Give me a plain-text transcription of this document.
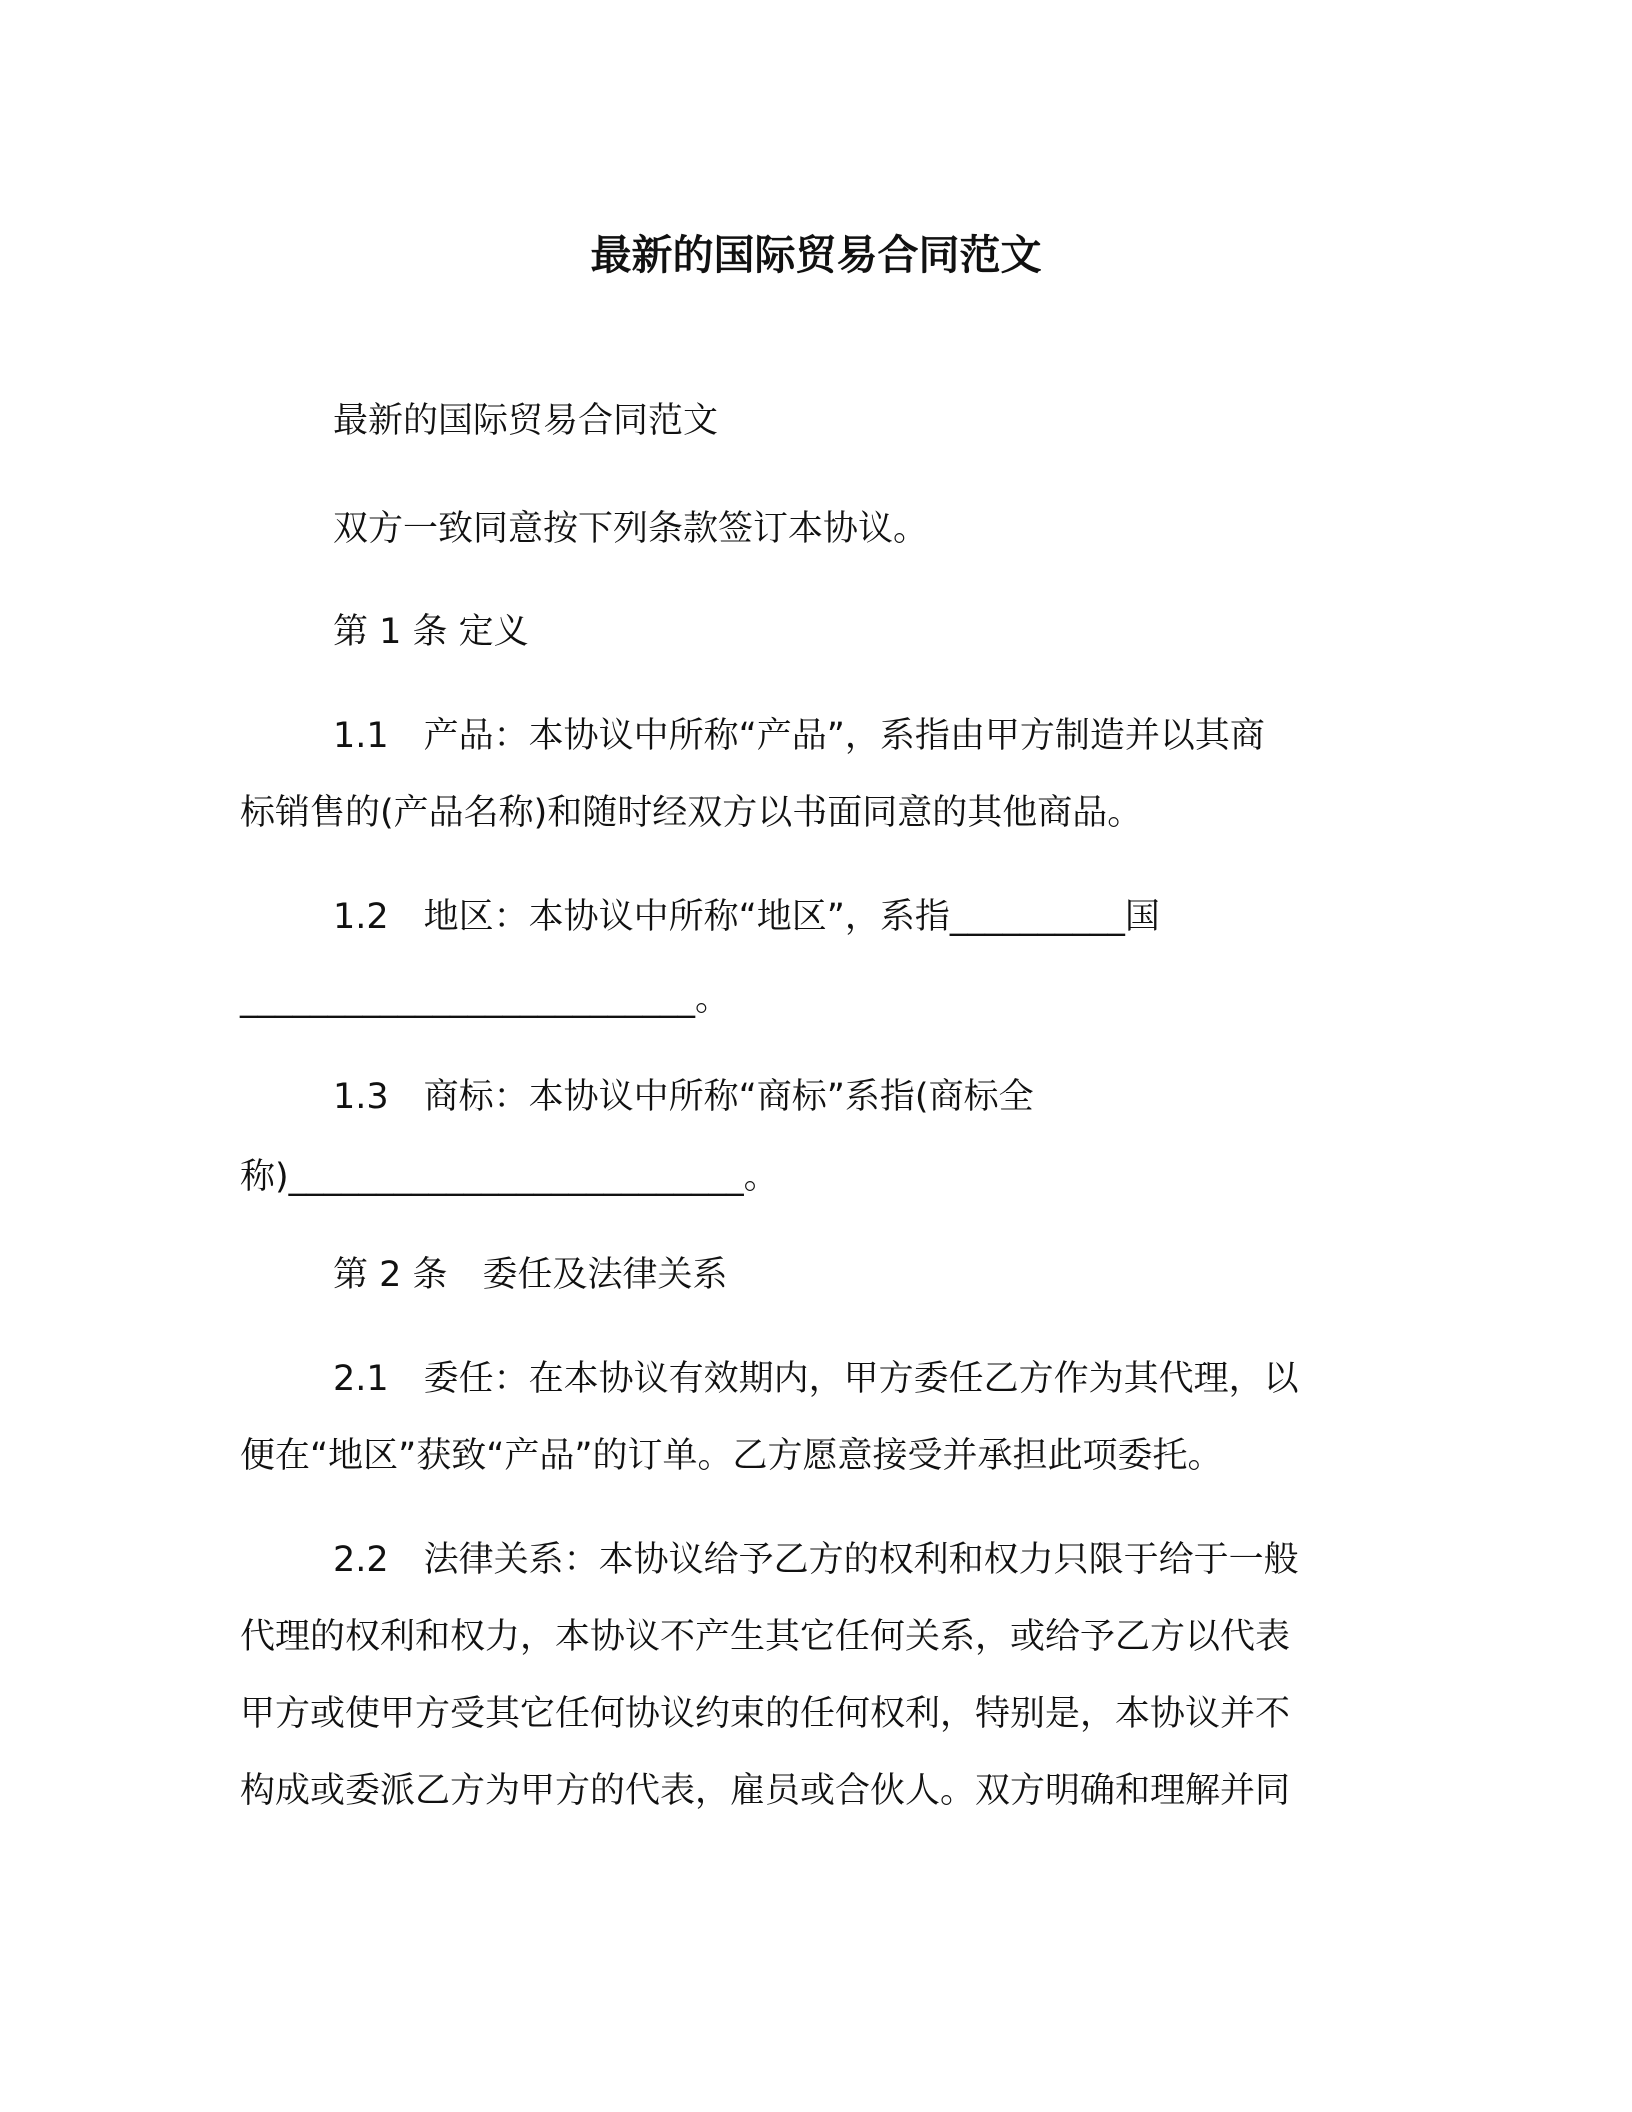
最新的国际贸易合同范文

最新的国际贸易合同范文

双方一致同意按下列条款签订本协议。

第 1 条 定义

1.1　产品：本协议中所称“产品”，系指由甲方制造并以其商

标销售的(产品名称)和随时经双方以书面同意的其他商品。

1.2　地区：本协议中所称“地区”，系指__________国

__________________________。

1.3　商标：本协议中所称“商标”系指(商标全

称)__________________________。

第 2 条　委任及法律关系

2.1　委任：在本协议有效期内，甲方委任乙方作为其代理，以

便在“地区”获致“产品”的订单。乙方愿意接受并承担此项委托。

2.2　法律关系：本协议给予乙方的权利和权力只限于给于一般

代理的权利和权力，本协议不产生其它任何关系，或给予乙方以代表

甲方或使甲方受其它任何协议约束的任何权利，特别是，本协议并不

构成或委派乙方为甲方的代表，雇员或合伙人。双方明确和理解并同
